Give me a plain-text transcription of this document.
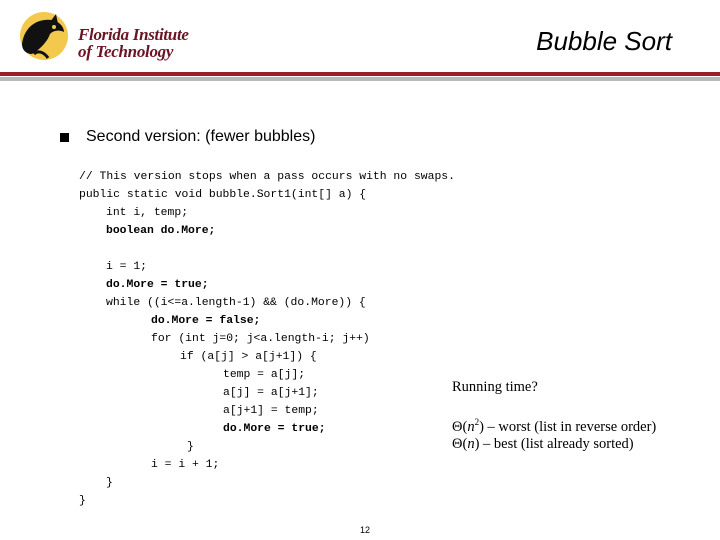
Florida Institute of Technology	Bubble Sort
Second version: (fewer bubbles)
// This version stops when a pass occurs with no swaps.
public static void bubble.Sort1(int[] a) {
int i, temp;
boolean do.More;
i = 1;
do.More = true;
while ((i<=a.length-1) && (do.More)) {
do.More = false;
for (int j=0; j<a.length-i; j++)
if (a[j] > a[j+1]) {
temp = a[j];
a[j] = a[j+1];
a[j+1] = temp;
do.More = true;
}
i = i + 1;
}
}
Running time?
$\Theta(n^2)$ – worst (list in reverse order)
Θ(n) – best (list already sorted)
12
